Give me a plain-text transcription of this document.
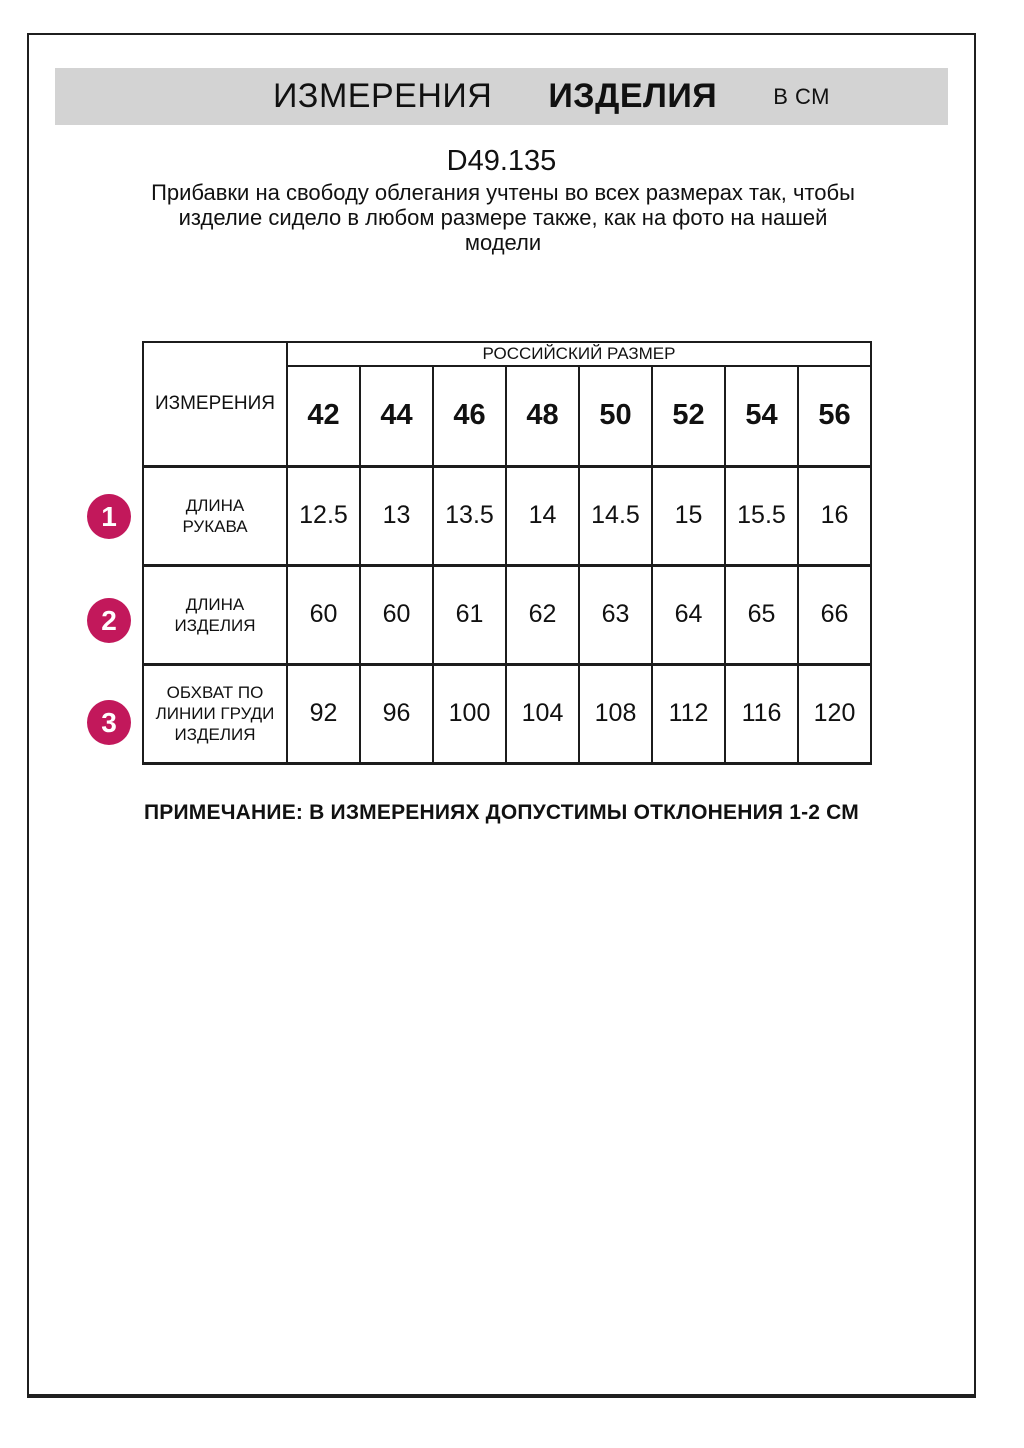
ИЗМЕРЕНИЯ ИЗДЕЛИЯ	В СМ
D49.135
Прибавки на свободу облегания учтены во всех размерах так, чтобы изделие сидело в любом размере также, как на фото на нашей модели
ИЗМЕРЕНИЯ	РОССИЙСКИЙ РАЗМЕР							
	42	44	46	48	50	52	54	56
ДЛИНА РУКАВА	12.5	13	13.5	14	14.5	15	15.5	16
ДЛИНА ИЗДЕЛИЯ	60	60	61	62	63	64	65	66
ОБХВАТ ПО ЛИНИИ ГРУДИ ИЗДЕЛИЯ	92	96	100	104	108	112	116	120
1
2
3
ПРИМЕЧАНИЕ: В ИЗМЕРЕНИЯХ ДОПУСТИМЫ ОТКЛОНЕНИЯ 1-2 СМ
